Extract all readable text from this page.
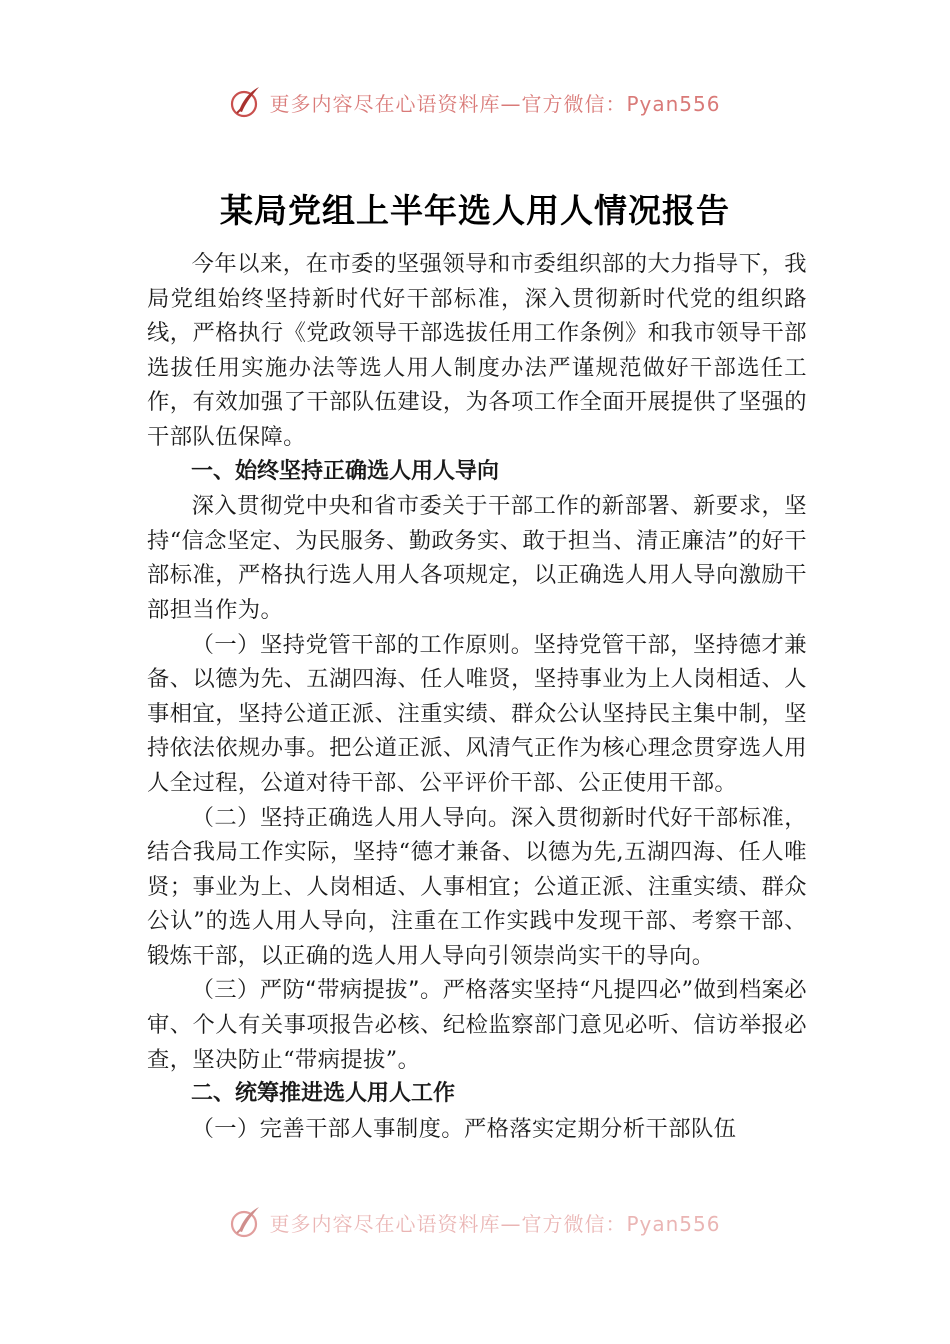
更多内容尽在心语资料库—官方微信：Pyan556
某局党组上半年选人用人情况报告

今年以来，在市委的坚强领导和市委组织部的大力指导下，我局党组始终坚持新时代好干部标准，深入贯彻新时代党的组织路线，严格执行《党政领导干部选拔任用工作条例》和我市领导干部选拔任用实施办法等选人用人制度办法严谨规范做好干部选任工作，有效加强了干部队伍建设，为各项工作全面开展提供了坚强的干部队伍保障。

一、始终坚持正确选人用人导向

深入贯彻党中央和省市委关于干部工作的新部署、新要求，坚持“信念坚定、为民服务、勤政务实、敢于担当、清正廉洁”的好干部标准，严格执行选人用人各项规定，以正确选人用人导向激励干部担当作为。

（一）坚持党管干部的工作原则。坚持党管干部，坚持德才兼备、以德为先、五湖四海、任人唯贤，坚持事业为上人岗相适、人事相宜，坚持公道正派、注重实绩、群众公认坚持民主集中制，坚持依法依规办事。把公道正派、风清气正作为核心理念贯穿选人用人全过程，公道对待干部、公平评价干部、公正使用干部。

（二）坚持正确选人用人导向。深入贯彻新时代好干部标准，结合我局工作实际，坚持“德才兼备、以德为先,五湖四海、任人唯贤；事业为上、人岗相适、人事相宜；公道正派、注重实绩、群众公认”的选人用人导向，注重在工作实践中发现干部、考察干部、锻炼干部，以正确的选人用人导向引领崇尚实干的导向。

（三）严防“带病提拔”。严格落实坚持“凡提四必”做到档案必审、个人有关事项报告必核、纪检监察部门意见必听、信访举报必查，坚决防止“带病提拔”。

二、统筹推进选人用人工作

（一）完善干部人事制度。严格落实定期分析干部队伍

更多内容尽在心语资料库—官方微信：Pyan556
